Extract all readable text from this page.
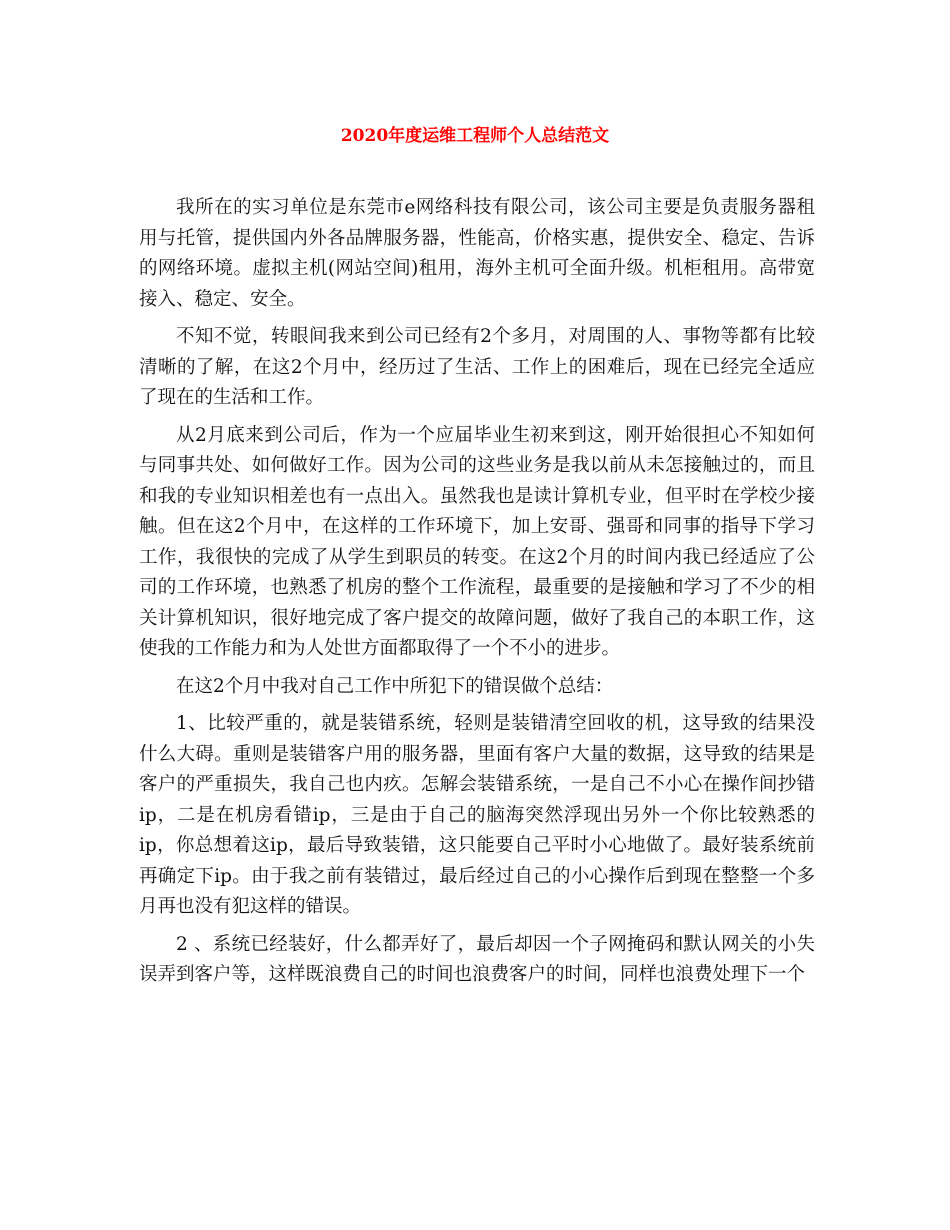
2020年度运维工程师个人总结范文

我所在的实习单位是东莞市e网络科技有限公司，该公司主要是负责服务器租用与托管，提供国内外各品牌服务器，性能高，价格实惠，提供安全、稳定、告诉的网络环境。虚拟主机(网站空间)租用，海外主机可全面升级。机柜租用。高带宽接入、稳定、安全。

不知不觉，转眼间我来到公司已经有2个多月，对周围的人、事物等都有比较清晰的了解，在这2个月中，经历过了生活、工作上的困难后，现在已经完全适应了现在的生活和工作。

从2月底来到公司后，作为一个应届毕业生初来到这，刚开始很担心不知如何与同事共处、如何做好工作。因为公司的这些业务是我以前从未怎接触过的，而且和我的专业知识相差也有一点出入。虽然我也是读计算机专业，但平时在学校少接触。但在这2个月中，在这样的工作环境下，加上安哥、强哥和同事的指导下学习工作，我很快的完成了从学生到职员的转变。在这2个月的时间内我已经适应了公司的工作环境，也熟悉了机房的整个工作流程，最重要的是接触和学习了不少的相关计算机知识，很好地完成了客户提交的故障问题，做好了我自己的本职工作，这使我的工作能力和为人处世方面都取得了一个不小的进步。

在这2个月中我对自己工作中所犯下的错误做个总结：

1、比较严重的，就是装错系统，轻则是装错清空回收的机，这导致的结果没什么大碍。重则是装错客户用的服务器，里面有客户大量的数据，这导致的结果是客户的严重损失，我自己也内疚。怎解会装错系统，一是自己不小心在操作间抄错ip，二是在机房看错ip，三是由于自己的脑海突然浮现出另外一个你比较熟悉的ip，你总想着这ip，最后导致装错，这只能要自己平时小心地做了。最好装系统前再确定下ip。由于我之前有装错过，最后经过自己的小心操作后到现在整整一个多月再也没有犯这样的错误。

2 、系统已经装好，什么都弄好了，最后却因一个子网掩码和默认网关的小失误弄到客户等，这样既浪费自己的时间也浪费客户的时间，同样也浪费处理下一个
